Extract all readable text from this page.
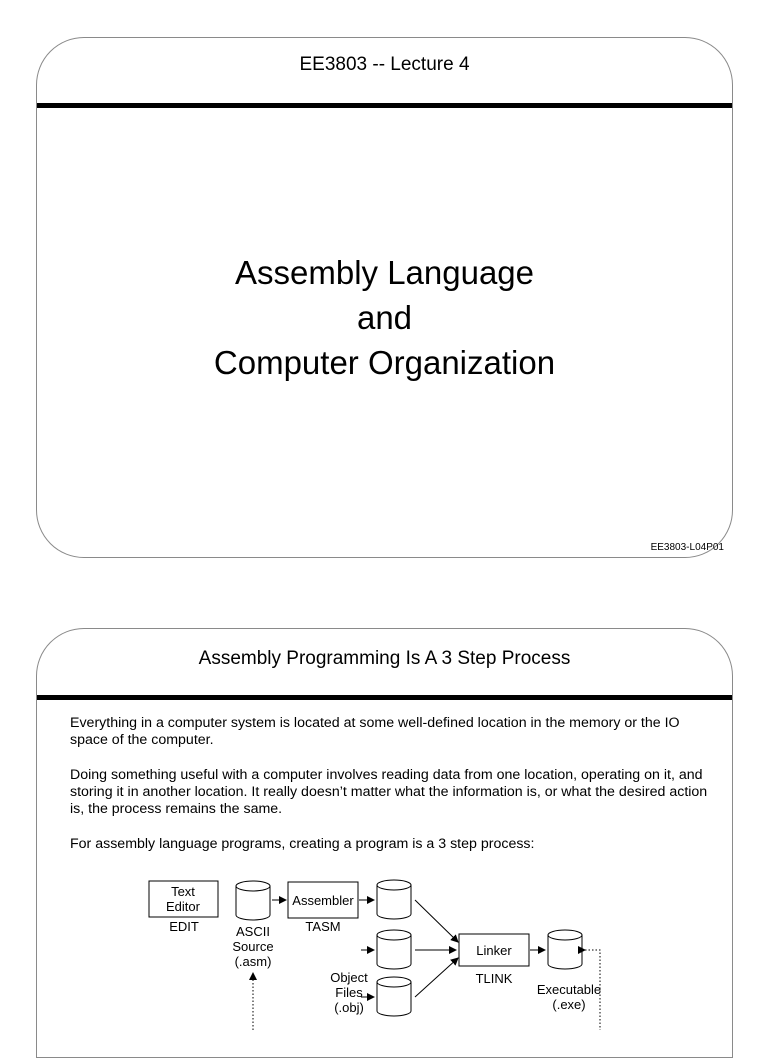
EE3803 -- Lecture 4
Assembly Language
and
Computer Organization
EE3803-L04P01
Assembly Programming Is A 3 Step Process

Everything in a computer system is located at some well-defined location in the memory or the IO space of the computer.

Doing something useful with a computer involves reading data from one location, operating on it, and storing it in another location. It really doesn’t matter what the information is, or what the desired action is, the process remains the same.

For assembly language programs, creating a program is a 3 step process:

Text
Editor
EDIT	ASCII
Source
(.asm)
Assembler
TASM
Object
Files
(.obj)
Linker
TLINK
Executable
(.exe)
